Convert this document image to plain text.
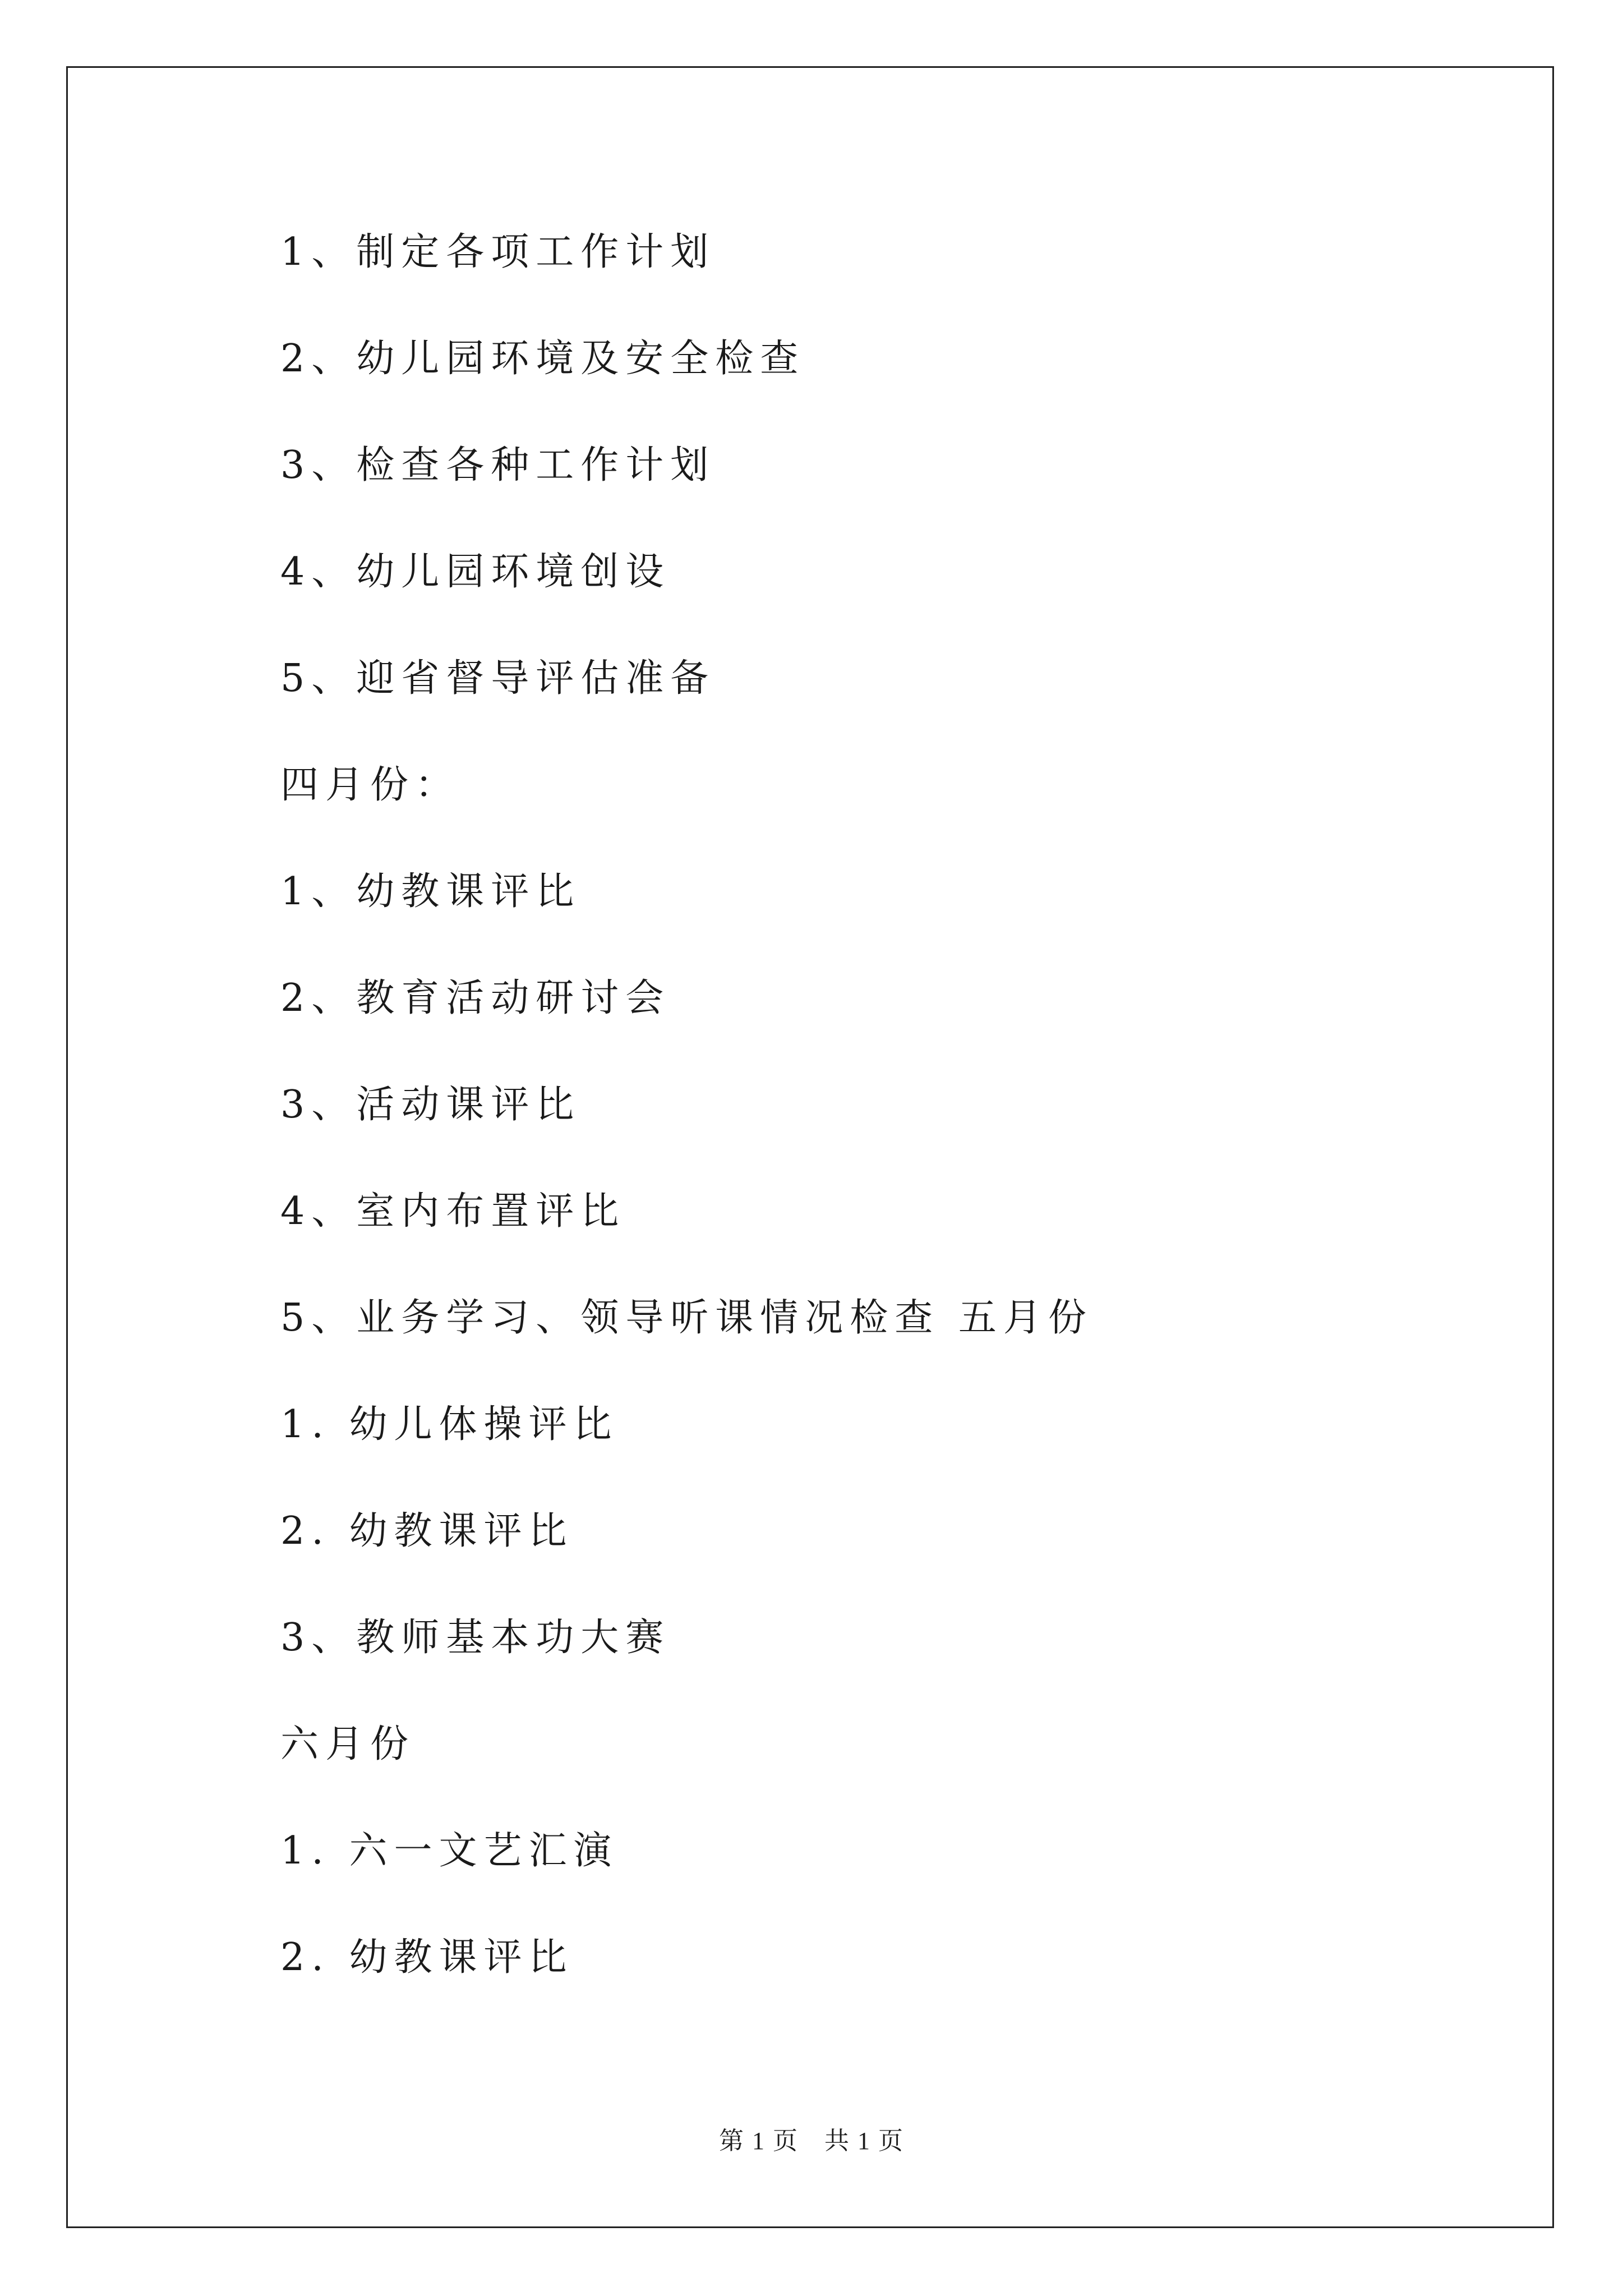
1、制定各项工作计划
2、幼儿园环境及安全检查
3、检查各种工作计划
4、幼儿园环境创设
5、迎省督导评估准备
四月份：
1、幼教课评比
2、教育活动研讨会
3、活动课评比
4、室内布置评比
5、业务学习、领导听课情况检查 五月份
1. 幼儿体操评比
2. 幼教课评比
3、教师基本功大赛
六月份
1. 六一文艺汇演
2. 幼教课评比
第 1 页　共 1 页
